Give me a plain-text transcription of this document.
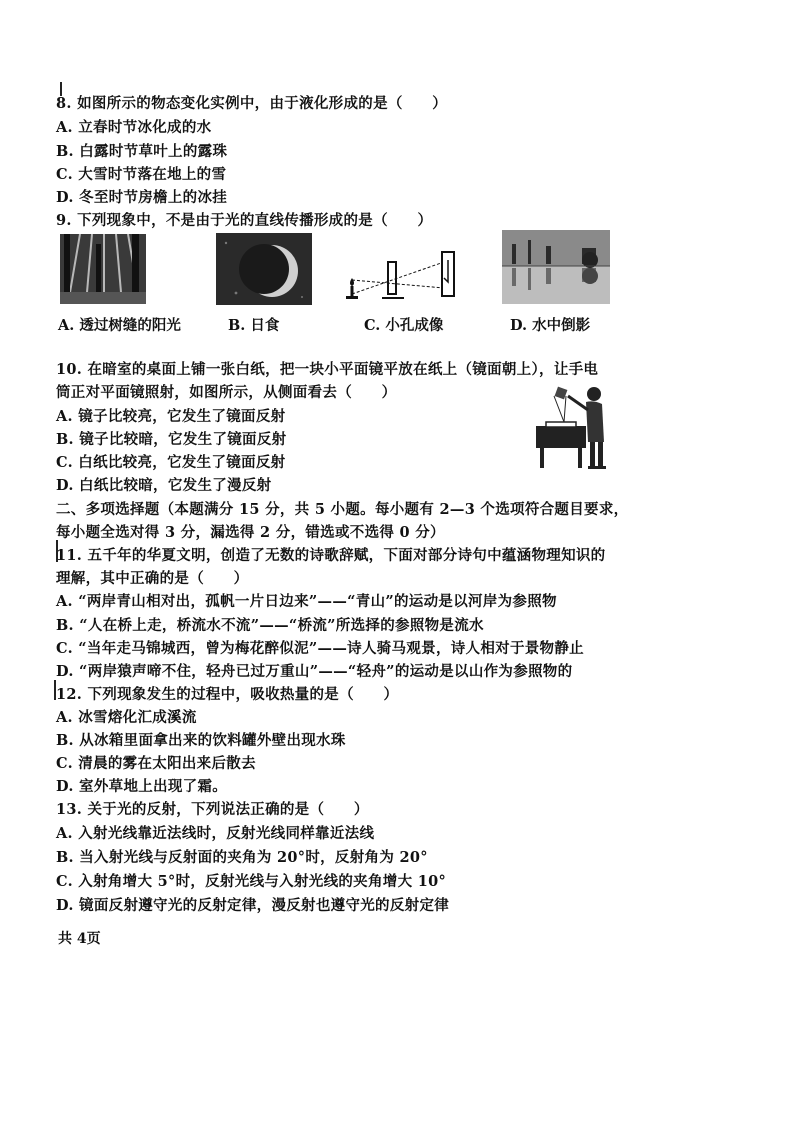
8. 如图所示的物态变化实例中，由于液化形成的是（　　）
A. 立春时节冰化成的水
B. 白露时节草叶上的露珠
C. 大雪时节落在地上的雪
D. 冬至时节房檐上的冰挂
9. 下列现象中，不是由于光的直线传播形成的是（　　）
A. 透过树缝的阳光	B. 日食	C. 小孔成像	D. 水中倒影
10. 在暗室的桌面上铺一张白纸，把一块小平面镜平放在纸上（镜面朝上），让手电
筒正对平面镜照射，如图所示，从侧面看去（　　）
A. 镜子比较亮，它发生了镜面反射
B. 镜子比较暗，它发生了镜面反射
C. 白纸比较亮，它发生了镜面反射
D. 白纸比较暗，它发生了漫反射
二、多项选择题（本题满分 15 分，共 5 小题。每小题有 2—3 个选项符合题目要求，
每小题全选对得 3 分，漏选得 2 分，错选或不选得 0 分）
11. 五千年的华夏文明，创造了无数的诗歌辞赋，下面对部分诗句中蕴涵物理知识的
理解，其中正确的是（　　）
A. “两岸青山相对出，孤帆一片日边来”——“青山”的运动是以河岸为参照物
B. “人在桥上走，桥流水不流”——“桥流”所选择的参照物是流水
C. “当年走马锦城西，曾为梅花醉似泥”——诗人骑马观景，诗人相对于景物静止
D. “两岸猿声啼不住，轻舟已过万重山”——“轻舟”的运动是以山作为参照物的
12. 下列现象发生的过程中，吸收热量的是（　　）
A. 冰雪熔化汇成溪流
B. 从冰箱里面拿出来的饮料罐外壁出现水珠
C. 清晨的雾在太阳出来后散去
D. 室外草地上出现了霜。
13. 关于光的反射，下列说法正确的是（　　）
A. 入射光线靠近法线时，反射光线同样靠近法线
B. 当入射光线与反射面的夹角为 20°时，反射角为 20°
C. 入射角增大 5°时，反射光线与入射光线的夹角增大 10°
D. 镜面反射遵守光的反射定律，漫反射也遵守光的反射定律
共 4页
